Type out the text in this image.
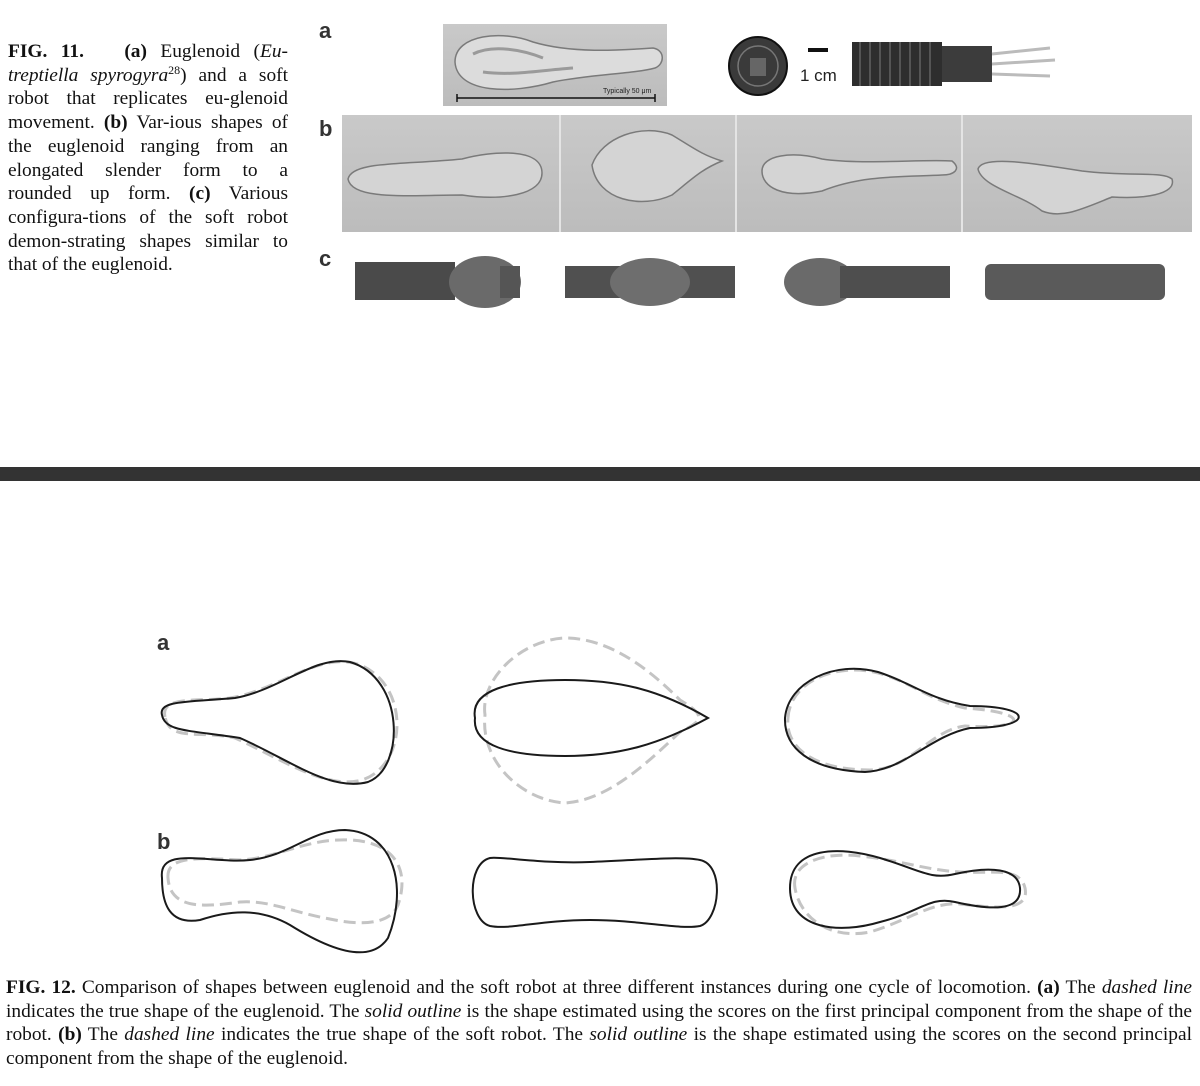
FIG. 11. (a) Euglenoid (Eu-treptiella spyrogyra$^{28}$) and a soft robot that replicates eu-glenoid movement. (b) Var-ious shapes of the euglenoid ranging from an elongated slender form to a rounded up form. (c) Various configura-tions of the soft robot demon-strating shapes similar to that of the euglenoid.
a
b
c
Typically 50 μm
1 cm
a
b
FIG. 12. Comparison of shapes between euglenoid and the soft robot at three different instances during one cycle of locomotion. (a) The dashed line indicates the true shape of the euglenoid. The solid outline is the shape estimated using the scores on the first principal component from the shape of the robot. (b) The dashed line indicates the true shape of the soft robot. The solid outline is the shape estimated using the scores on the second principal component from the shape of the euglenoid.
